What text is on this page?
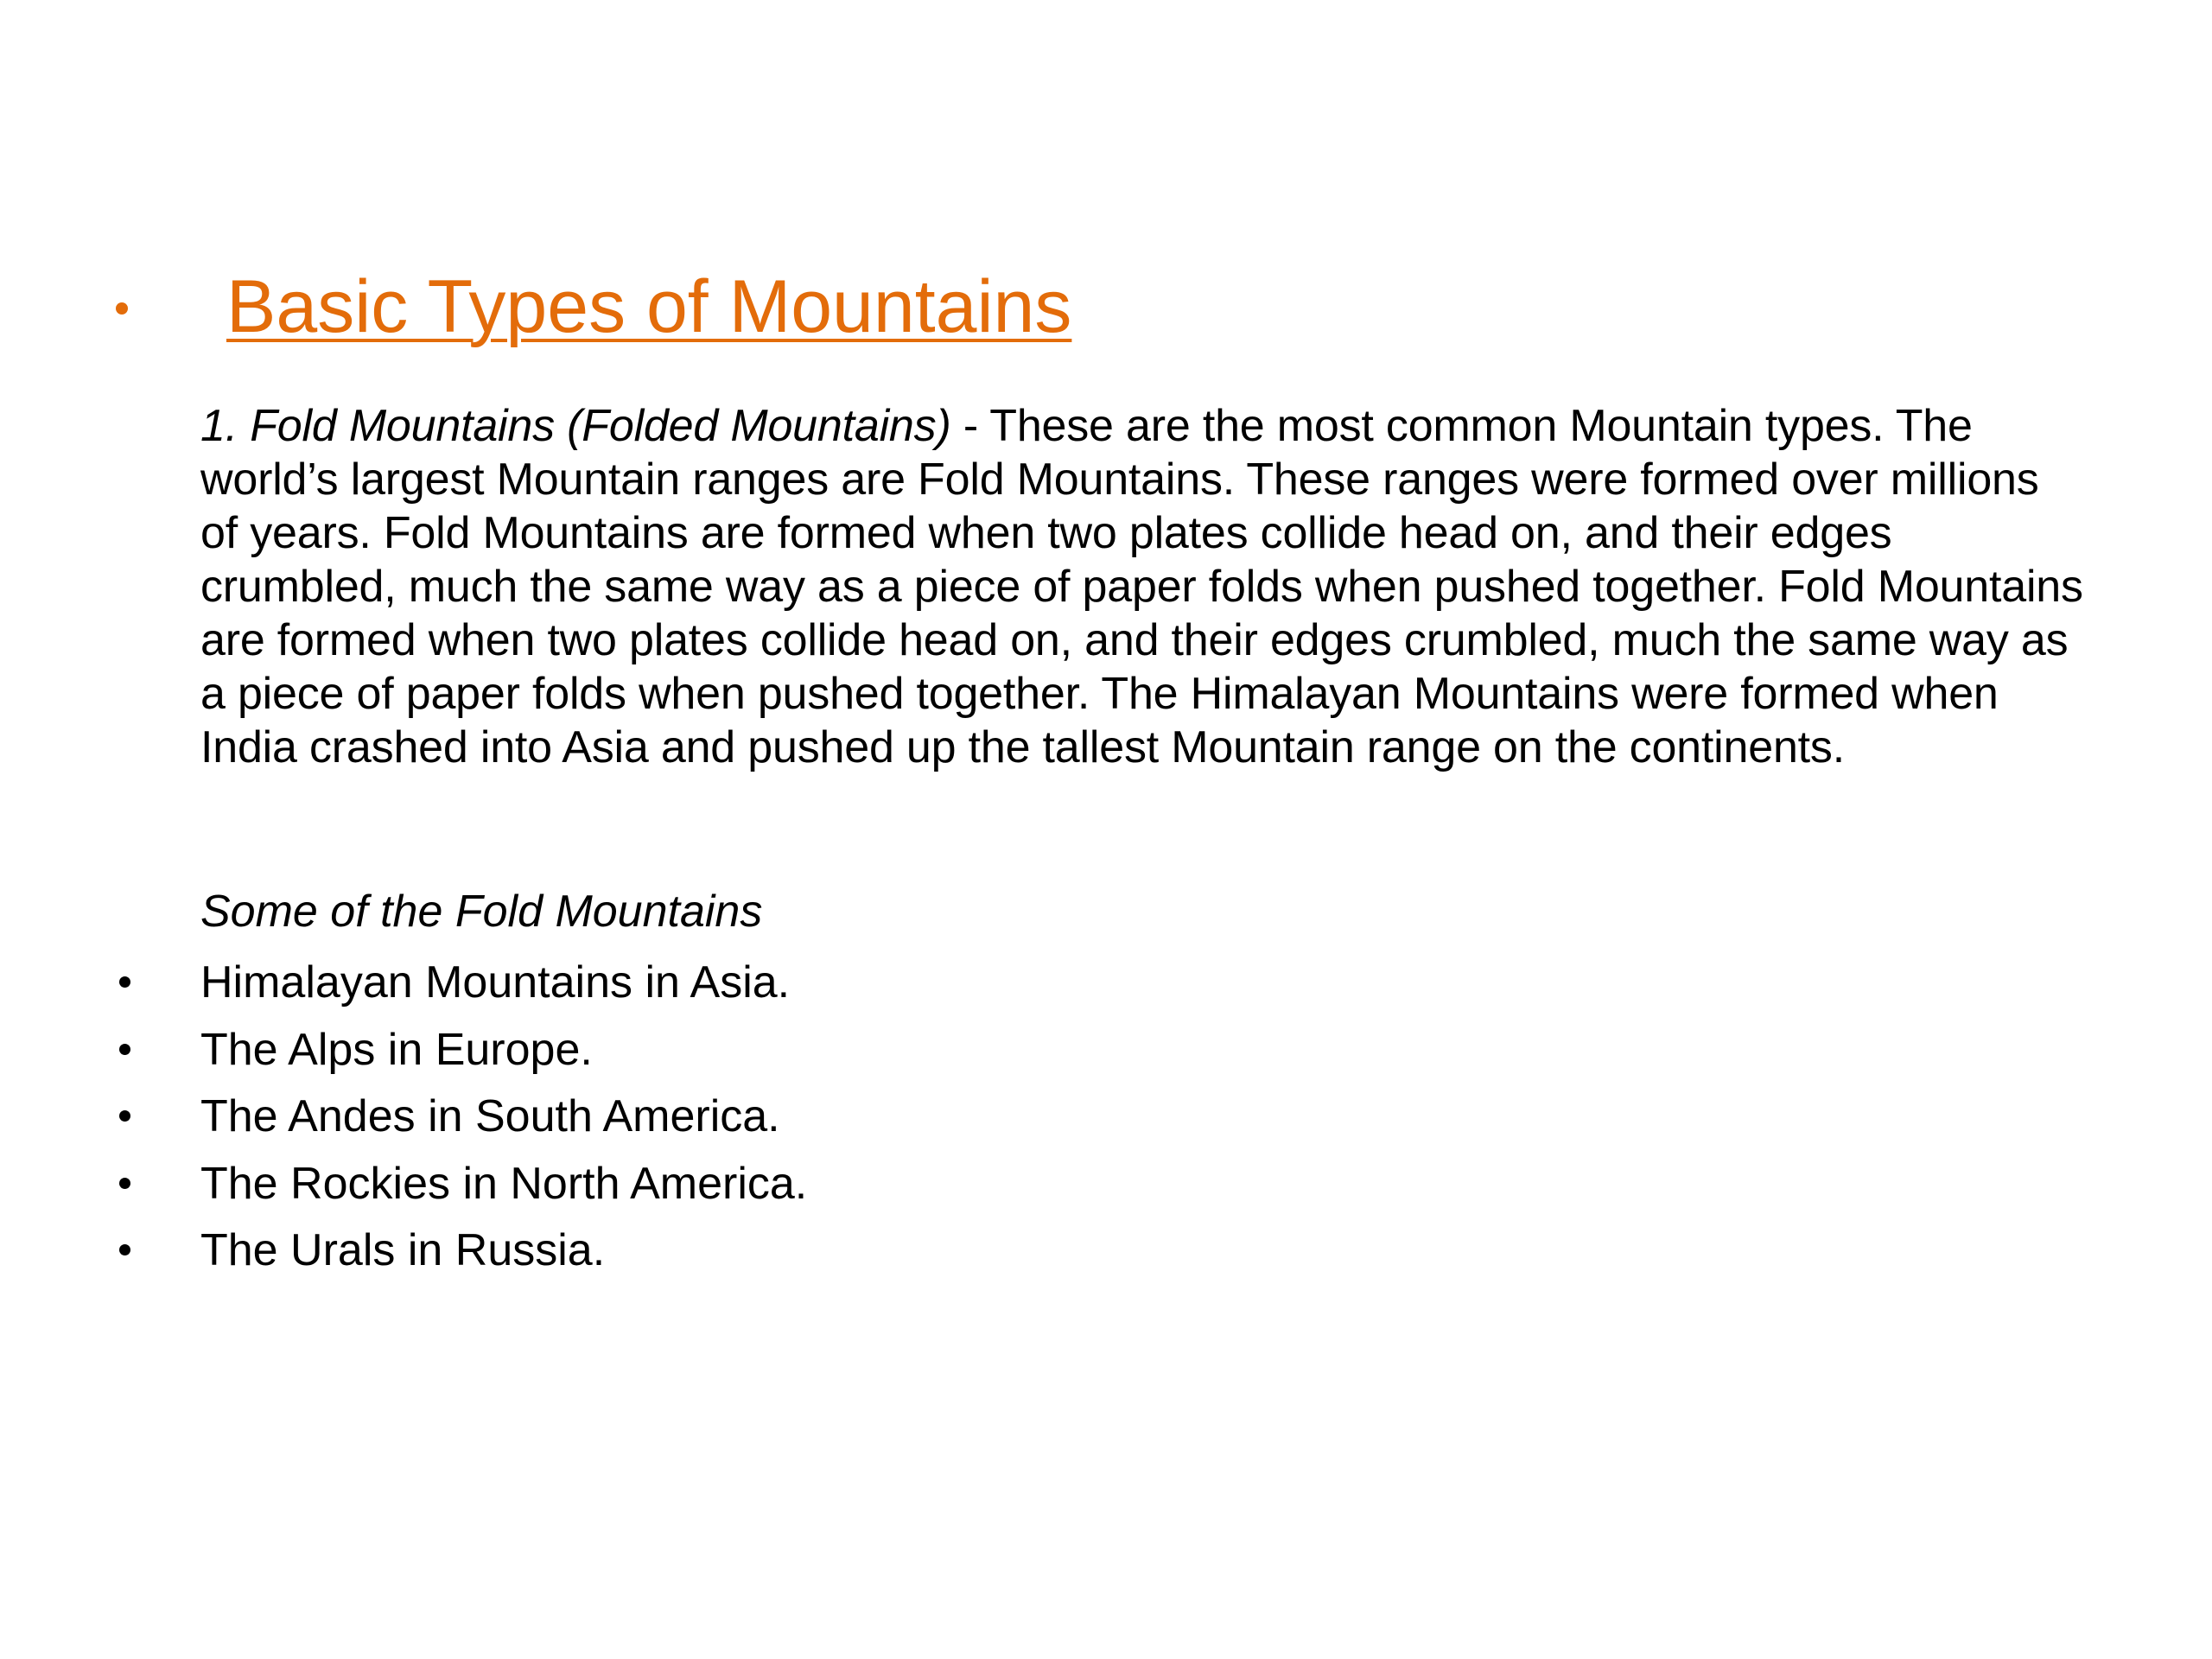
Basic Types of Mountains
1. Fold Mountains (Folded Mountains) - These are the most common Mountain types. The world’s largest Mountain ranges are Fold Mountains. These ranges were formed over millions of years. Fold Mountains are formed when two plates collide head on, and their edges crumbled, much the same way as a piece of paper folds when pushed together. Fold Mountains are formed when two plates collide head on, and their edges crumbled, much the same way as a piece of paper folds when pushed together. The Himalayan Mountains were formed when India crashed into Asia and pushed up the tallest Mountain range on the continents.
Some of the Fold Mountains
Himalayan Mountains in Asia.
The Alps in Europe.
The Andes in South America.
The Rockies in North America.
The Urals in Russia.
